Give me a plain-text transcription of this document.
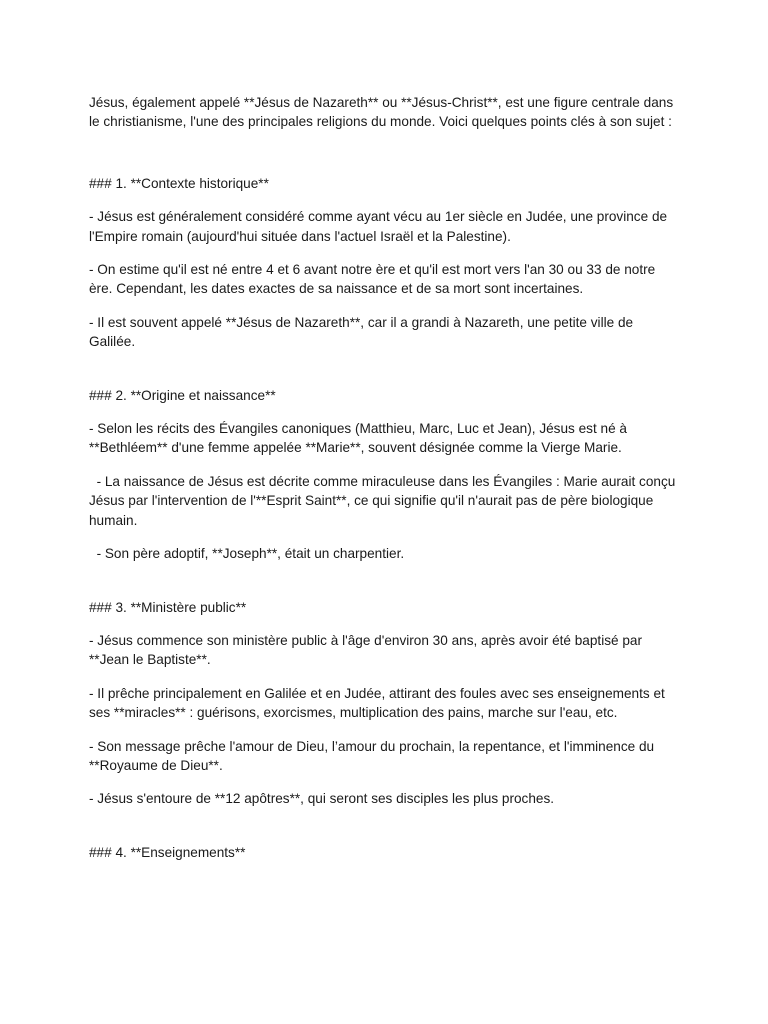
Jésus, également appelé **Jésus de Nazareth** ou **Jésus-Christ**, est une figure centrale dans le christianisme, l'une des principales religions du monde. Voici quelques points clés à son sujet :

### 1. **Contexte historique**

- Jésus est généralement considéré comme ayant vécu au 1er siècle en Judée, une province de l'Empire romain (aujourd'hui située dans l'actuel Israël et la Palestine).

- On estime qu'il est né entre 4 et 6 avant notre ère et qu'il est mort vers l'an 30 ou 33 de notre ère. Cependant, les dates exactes de sa naissance et de sa mort sont incertaines.

- Il est souvent appelé **Jésus de Nazareth**, car il a grandi à Nazareth, une petite ville de Galilée.

### 2. **Origine et naissance**

- Selon les récits des Évangiles canoniques (Matthieu, Marc, Luc et Jean), Jésus est né à **Bethléem** d'une femme appelée **Marie**, souvent désignée comme la Vierge Marie.

- La naissance de Jésus est décrite comme miraculeuse dans les Évangiles : Marie aurait conçu Jésus par l'intervention de l'**Esprit Saint**, ce qui signifie qu'il n'aurait pas de père biologique humain.

- Son père adoptif, **Joseph**, était un charpentier.

### 3. **Ministère public**

- Jésus commence son ministère public à l'âge d'environ 30 ans, après avoir été baptisé par **Jean le Baptiste**.

- Il prêche principalement en Galilée et en Judée, attirant des foules avec ses enseignements et ses **miracles** : guérisons, exorcismes, multiplication des pains, marche sur l'eau, etc.

- Son message prêche l'amour de Dieu, l’amour du prochain, la repentance, et l'imminence du **Royaume de Dieu**.

- Jésus s'entoure de **12 apôtres**, qui seront ses disciples les plus proches.

### 4. **Enseignements**
